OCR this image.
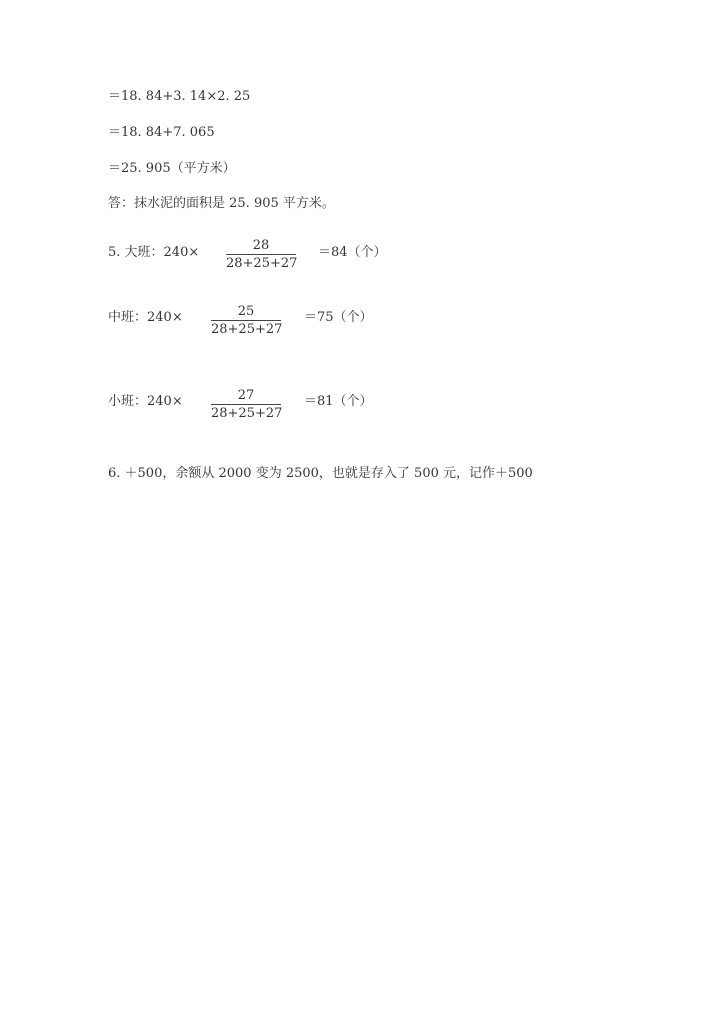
＝18. 84+3. 14×2. 25
＝18. 84+7. 065
＝25. 905（平方米）
答：抹水泥的面积是 25. 905 平方米。
5. 大班：240×	28
28+25+27
＝84（个）
中班：240×	25
28+25+27
＝75（个）
小班：240×	27
28+25+27
＝81（个）
6. ＋500，余额从 2000 变为 2500，也就是存入了 500 元，记作＋500
